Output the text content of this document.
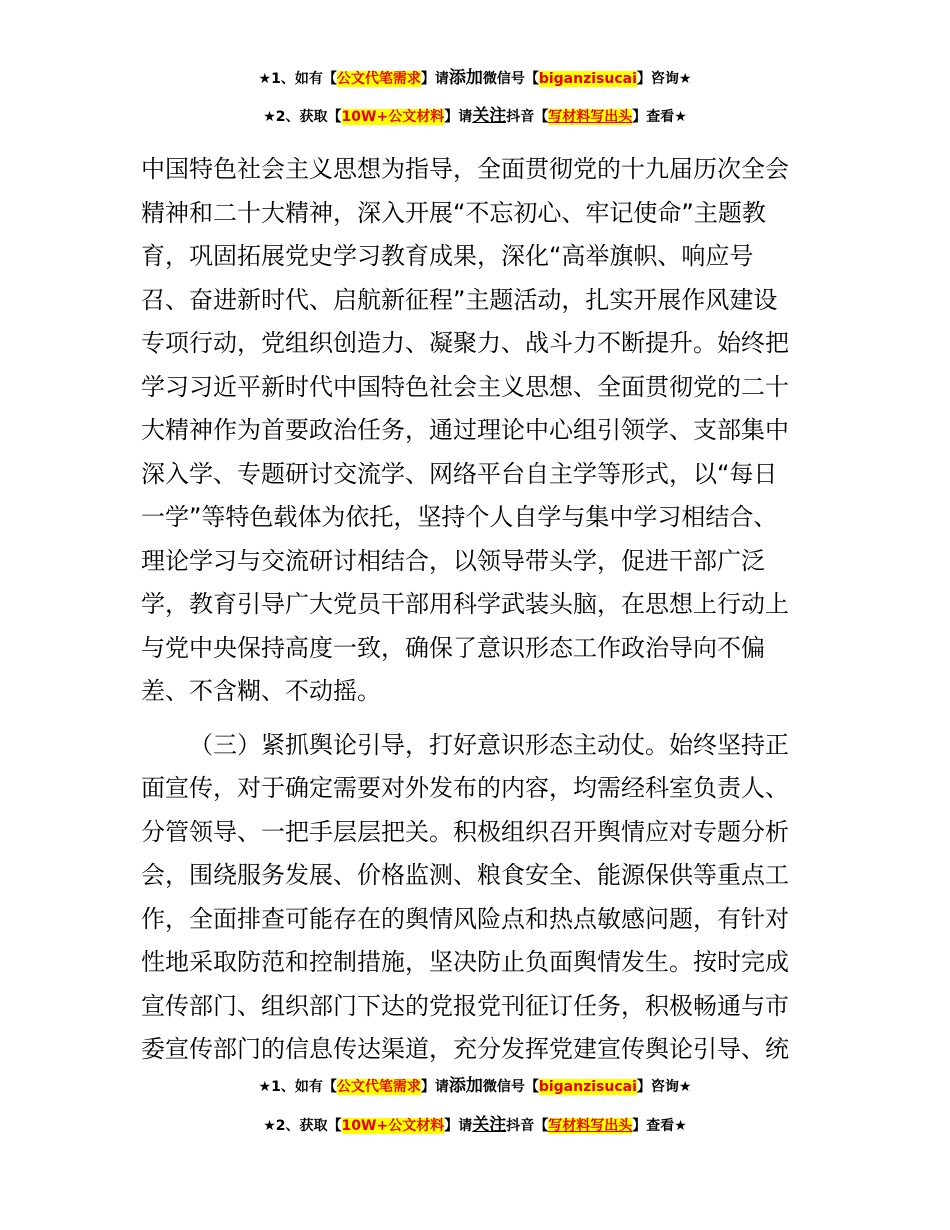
★1、如有【公文代笔需求】请添加微信号【biganzisucai】咨询★
★2、获取【10W+公文材料】请关注抖音【写材料写出头】查看★
中国特色社会主义思想为指导，全面贯彻党的十九届历次全会
精神和二十大精神，深入开展“不忘初心、牢记使命”主题教
育，巩固拓展党史学习教育成果，深化“高举旗帜、响应号
召、奋进新时代、启航新征程”主题活动，扎实开展作风建设
专项行动，党组织创造力、凝聚力、战斗力不断提升。始终把
学习习近平新时代中国特色社会主义思想、全面贯彻党的二十
大精神作为首要政治任务，通过理论中心组引领学、支部集中
深入学、专题研讨交流学、网络平台自主学等形式，以“每日
一学”等特色载体为依托，坚持个人自学与集中学习相结合、
理论学习与交流研讨相结合，以领导带头学，促进干部广泛
学，教育引导广大党员干部用科学武装头脑，在思想上行动上
与党中央保持高度一致，确保了意识形态工作政治导向不偏
差、不含糊、不动摇。
（三）紧抓舆论引导，打好意识形态主动仗。始终坚持正
面宣传，对于确定需要对外发布的内容，均需经科室负责人、
分管领导、一把手层层把关。积极组织召开舆情应对专题分析
会，围绕服务发展、价格监测、粮食安全、能源保供等重点工
作，全面排查可能存在的舆情风险点和热点敏感问题，有针对
性地采取防范和控制措施，坚决防止负面舆情发生。按时完成
宣传部门、组织部门下达的党报党刊征订任务，积极畅通与市
委宣传部门的信息传达渠道，充分发挥党建宣传舆论引导、统
★1、如有【公文代笔需求】请添加微信号【biganzisucai】咨询★
★2、获取【10W+公文材料】请关注抖音【写材料写出头】查看★
